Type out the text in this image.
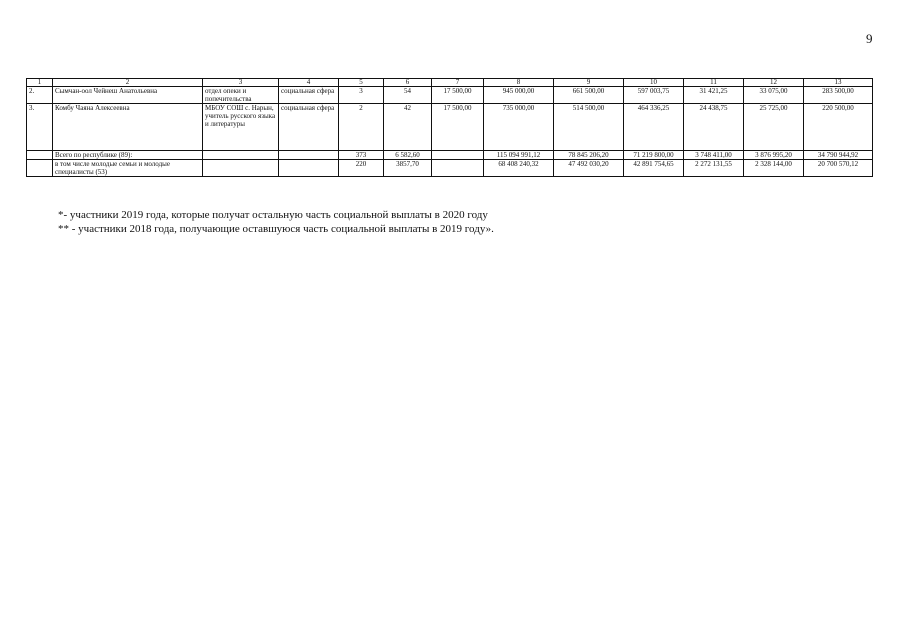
9
1	2	3	4	5	6	7	8	9	10	11	12	13
2.	Сымчан-оол Чейнеш Анатольевна	отдел опеки и попечительства	социальная сфера	3	54	17 500,00	945 000,00	661 500,00	597 003,75	31 421,25	33 075,00	283 500,00
3.	Комбу Чаяна Алексеевна	МБОУ СОШ с. Нарын, учитель русского языка и литературы	социальная сфера	2	42	17 500,00	735 000,00	514 500,00	464 336,25	24 438,75	25 725,00	220 500,00
	Всего по республике (89):			373	6 582,60		115 094 991,12	78 845 206,20	71 219 800,00	3 748 411,00	3 876 995,20	34 790 944,92
	в том числе молодые семьи и молодые специалисты (53)			220	3857,70		68 408 240,32	47 492 030,20	42 891 754,65	2 272 131,55	2 328 144,00	20 700 570,12
*- участники 2019 года, которые получат остальную часть социальной выплаты в 2020 году
** - участники 2018 года, получающие оставшуюся часть социальной выплаты в 2019 году».
